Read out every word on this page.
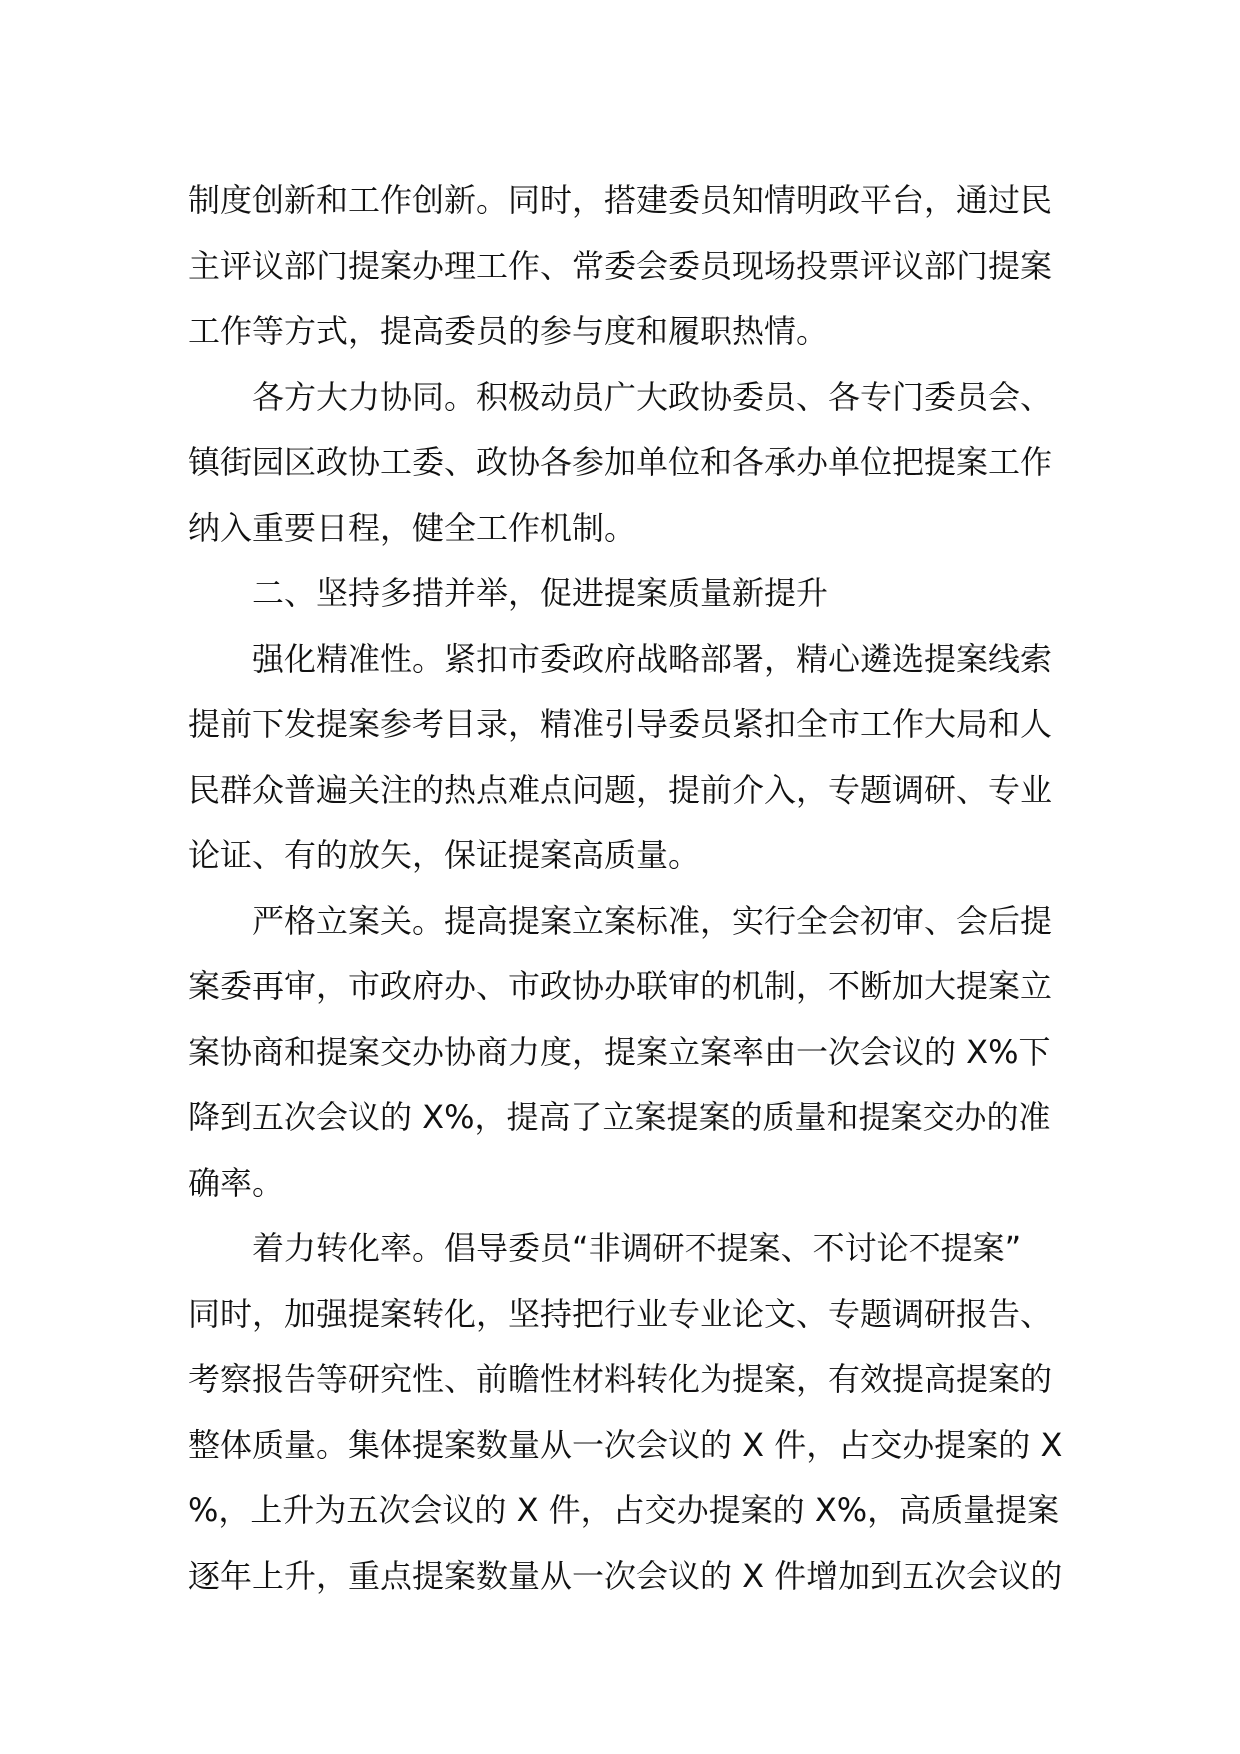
制度创新和工作创新。同时，搭建委员知情明政平台，通过民
主评议部门提案办理工作、常委会委员现场投票评议部门提案
工作等方式，提高委员的参与度和履职热情。
各方大力协同。积极动员广大政协委员、各专门委员会、
镇街园区政协工委、政协各参加单位和各承办单位把提案工作
纳入重要日程，健全工作机制。
二、坚持多措并举，促进提案质量新提升
强化精准性。紧扣市委政府战略部署，精心遴选提案线索
提前下发提案参考目录，精准引导委员紧扣全市工作大局和人
民群众普遍关注的热点难点问题，提前介入，专题调研、专业
论证、有的放矢，保证提案高质量。
严格立案关。提高提案立案标准，实行全会初审、会后提
案委再审，市政府办、市政协办联审的机制，不断加大提案立
案协商和提案交办协商力度，提案立案率由一次会议的 X%下
降到五次会议的 X%，提高了立案提案的质量和提案交办的准
确率。
着力转化率。倡导委员“非调研不提案、不讨论不提案”
同时，加强提案转化，坚持把行业专业论文、专题调研报告、
考察报告等研究性、前瞻性材料转化为提案，有效提高提案的
整体质量。集体提案数量从一次会议的 X 件，占交办提案的 X
%，上升为五次会议的 X 件，占交办提案的 X%，高质量提案
逐年上升，重点提案数量从一次会议的 X 件增加到五次会议的
